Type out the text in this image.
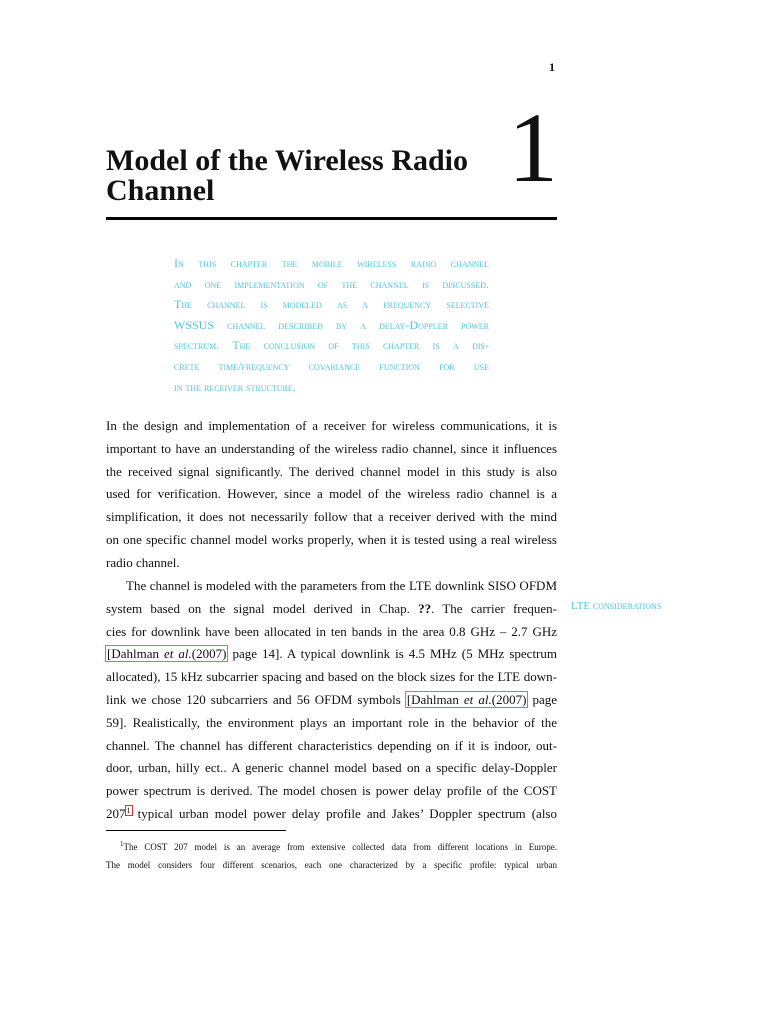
1
Model of the Wireless Radio Channel	1
In this chapter the mobile wireless radio channel
and one implementation of the channel is discussed.
The channel is modeled as a frequency selective
WSSUS channel described by a delay-Doppler power
spectrum. The conclusion of this chapter is a dis-
crete time/frequency covariance function for use
in the receiver structure.
In the design and implementation of a receiver for wireless communications, it is
important to have an understanding of the wireless radio channel, since it influences
the received signal significantly. The derived channel model in this study is also
used for verification. However, since a model of the wireless radio channel is a
simplification, it does not necessarily follow that a receiver derived with the mind
on one specific channel model works properly, when it is tested using a real wireless
radio channel.
The channel is modeled with the parameters from the LTE downlink SISO OFDM
system based on the signal model derived in Chap. ??. The carrier frequen-
cies for downlink have been allocated in ten bands in the area 0.8 GHz – 2.7 GHz
[Dahlman et al.(2007) page 14]. A typical downlink is 4.5 MHz (5 MHz spectrum
allocated), 15 kHz subcarrier spacing and based on the block sizes for the LTE down-
link we chose 120 subcarriers and 56 OFDM symbols [Dahlman et al.(2007) page
59]. Realistically, the environment plays an important role in the behavior of the
channel. The channel has different characteristics depending on if it is indoor, out-
door, urban, hilly ect.. A generic channel model based on a specific delay-Doppler
power spectrum is derived. The model chosen is power delay profile of the COST
207$^1$ typical urban model power delay profile and Jakes’ Doppler spectrum (also
LTE considerations
$^1$The COST 207 model is an average from extensive collected data from different locations in Europe.
The model considers four different scenarios, each one characterized by a specific profile: typical urban
